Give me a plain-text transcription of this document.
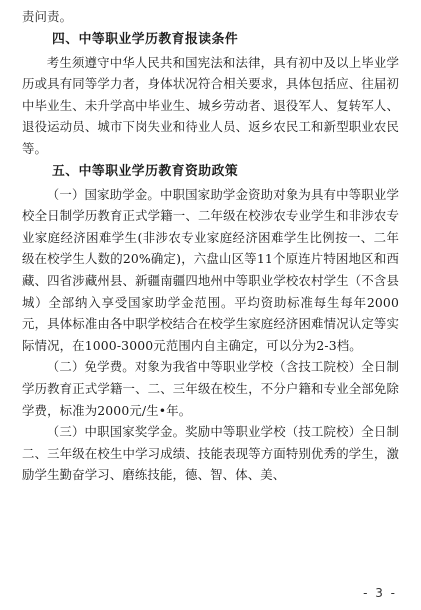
责问责。

四、中等职业学历教育报读条件

考生须遵守中华人民共和国宪法和法律，具有初中及以上毕业学历或具有同等学力者，身体状况符合相关要求，具体包括应、往届初中毕业生、未升学高中毕业生、城乡劳动者、退役军人、复转军人、退役运动员、城市下岗失业和待业人员、返乡农民工和新型职业农民等。

五、中等职业学历教育资助政策

（一）国家助学金。中职国家助学金资助对象为具有中等职业学校全日制学历教育正式学籍一、二年级在校涉农专业学生和非涉农专业家庭经济困难学生(非涉农专业家庭经济困难学生比例按一、二年级在校学生人数的20%确定)，六盘山区等11个原连片特困地区和西藏、四省涉藏州县、新疆南疆四地州中等职业学校农村学生（不含县城）全部纳入享受国家助学金范围。平均资助标准每生每年2000元，具体标准由各中职学校结合在校学生家庭经济困难情况认定等实际情况，在1000-3000元范围内自主确定，可以分为2-3档。

（二）免学费。对象为我省中等职业学校（含技工院校）全日制学历教育正式学籍一、二、三年级在校生，不分户籍和专业全部免除学费，标准为2000元/生•年。

（三）中职国家奖学金。奖励中等职业学校（技工院校）全日制二、三年级在校生中学习成绩、技能表现等方面特别优秀的学生，激励学生勤奋学习、磨练技能，德、智、体、美、

- 3 -
